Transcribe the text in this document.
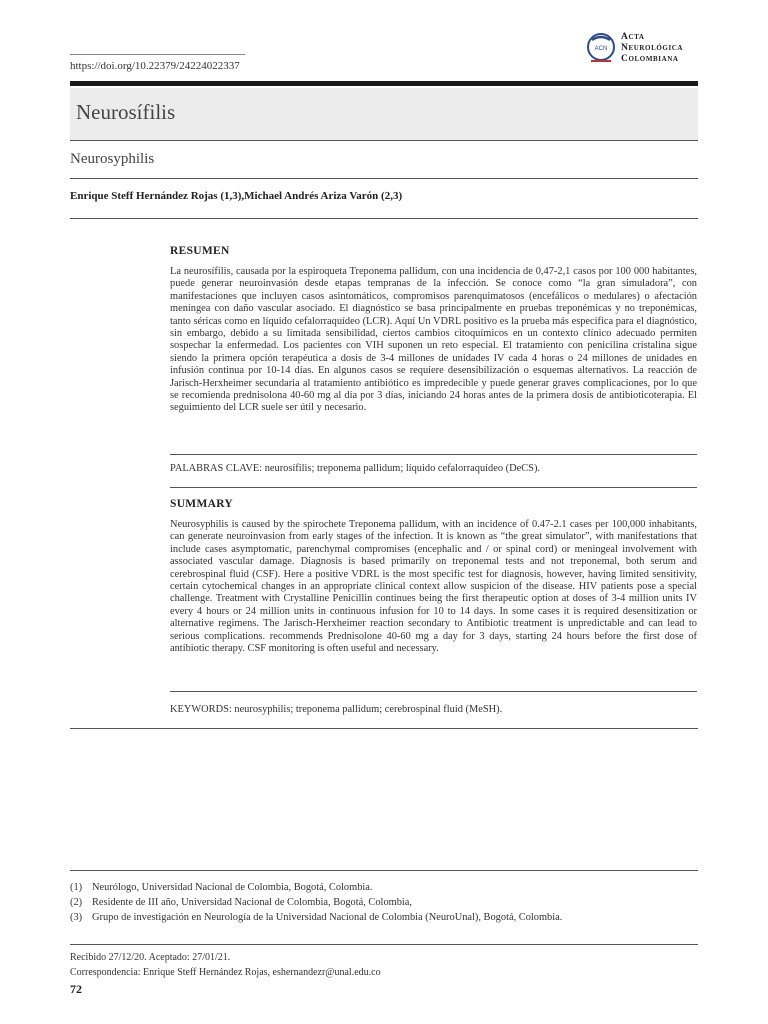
https://doi.org/10.22379/24224022337
ACN
Acta
Neurológica
Colombiana
Neurosífilis
Neurosyphilis
Enrique Steff Hernández Rojas (1,3),Michael Andrés Ariza Varón (2,3)
RESUMEN
La neurosífilis, causada por la espiroqueta Treponema pallidum, con una incidencia de 0,47-2,1 casos por 100 000 habitantes, puede generar neuroinvasión desde etapas tempranas de la infección. Se conoce como “la gran simuladora”, con manifestaciones que incluyen casos asintomáticos, compromisos parenquimatosos (encefálicos o medulares) o afectación meníngea con daño vascular asociado. El diagnóstico se basa principalmente en pruebas treponémicas y no treponémicas, tanto séricas como en líquido cefalorraquídeo (LCR). Aquí Un VDRL positivo es la prueba más específica para el diagnóstico, sin embargo, debido a su limitada sensibilidad, ciertos cambios citoquímicos en un contexto clínico adecuado permiten sospechar la enfermedad. Los pacientes con VIH suponen un reto especial. El tratamiento con penicilina cristalina sigue siendo la primera opción terapéutica a dosis de 3-4 millones de unidades IV cada 4 horas o 24 millones de unidades en infusión continua por 10-14 días. En algunos casos se requiere desensibilización o esquemas alternativos. La reacción de Jarisch-Herxheimer secundaria al tratamiento antibiótico es impredecible y puede generar graves complicaciones, por lo que se recomienda prednisolona 40-60 mg al día por 3 días, iniciando 24 horas antes de la primera dosis de antibioticoterapia. El seguimiento del LCR suele ser útil y necesario.
PALABRAS CLAVE: neurosífilis; treponema pallidum; líquido cefalorraquídeo (DeCS).
SUMMARY
Neurosyphilis is caused by the spirochete Treponema pallidum, with an incidence of 0.47-2.1 cases per 100,000 inhabitants, can generate neuroinvasion from early stages of the infection. It is known as “the great simulator”, with manifestations that include cases asymptomatic, parenchymal compromises (encephalic and / or spinal cord) or meningeal involvement with associated vascular damage. Diagnosis is based primarily on treponemal tests and not treponemal, both serum and cerebrospinal fluid (CSF). Here a positive VDRL is the most specific test for diagnosis, however, having limited sensitivity, certain cytochemical changes in an appropriate clinical context allow suspicion of the disease. HIV patients pose a special challenge. Treatment with Crystalline Penicillin continues being the first therapeutic option at doses of 3-4 million units IV every 4 hours or 24 million units in continuous infusion for 10 to 14 days. In some cases it is required desensitization or alternative regimens. The Jarisch-Herxheimer reaction secondary to Antibiotic treatment is unpredictable and can lead to serious complications. recommends Prednisolone 40-60 mg a day for 3 days, starting 24 hours before the first dose of antibiotic therapy. CSF monitoring is often useful and necessary.
KEYWORDS: neurosyphilis; treponema pallidum; cerebrospinal fluid (MeSH).
(1) Neurólogo, Universidad Nacional de Colombia, Bogotá, Colombia.
(2) Residente de III año, Universidad Nacional de Colombia, Bogotá, Colombia,
(3) Grupo de investigación en Neurología de la Universidad Nacional de Colombia (NeuroUnal), Bogotá, Colombia.
Recibido 27/12/20. Aceptado: 27/01/21.
Correspondencia: Enrique Steff Hernández Rojas, eshernandezr@unal.edu.co
72
